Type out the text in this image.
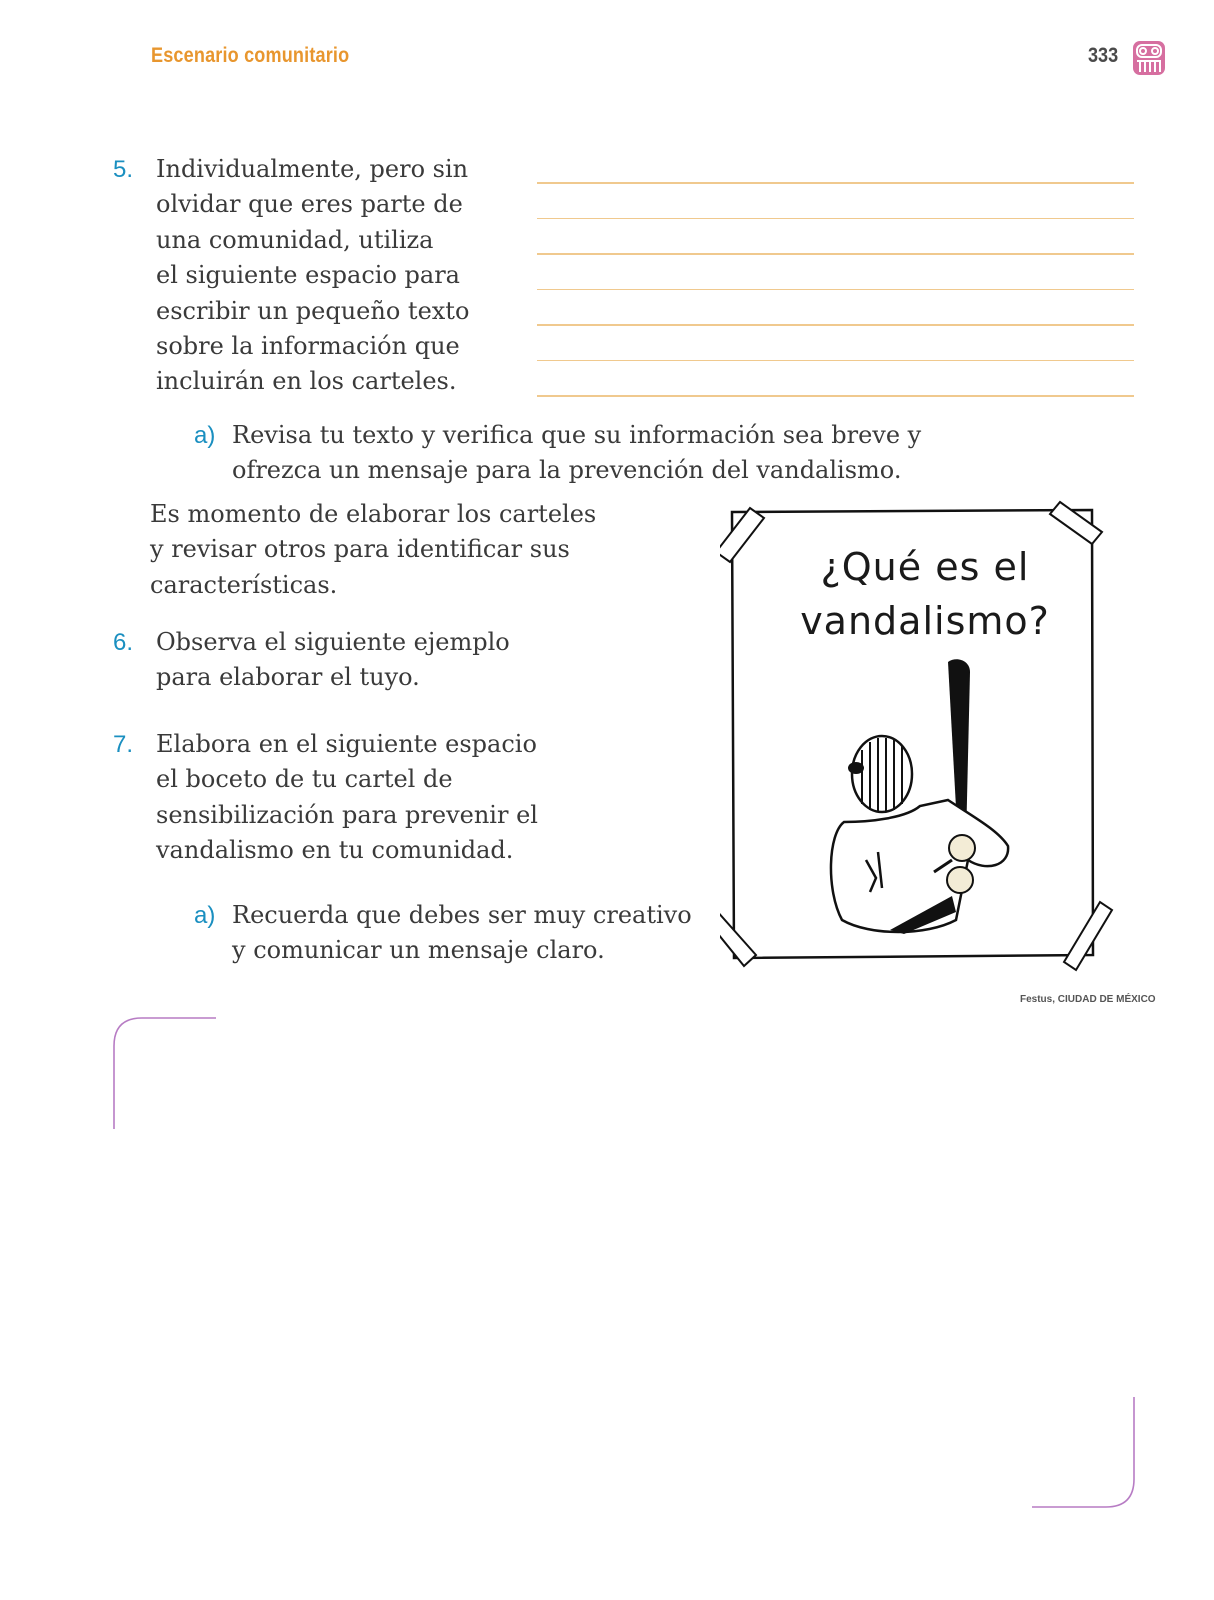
Escenario comunitario	333
5. Individualmente, pero sin
olvidar que eres parte de
una comunidad, utiliza
el siguiente espacio para
escribir un pequeño texto
sobre la información que
incluirán en los carteles.
a) Revisa tu texto y verifica que su información sea breve y
ofrezca un mensaje para la prevención del vandalismo.
Es momento de elaborar los carteles
y revisar otros para identificar sus
características.
6. Observa el siguiente ejemplo
para elaborar el tuyo.
7. Elabora en el siguiente espacio
el boceto de tu cartel de
sensibilización para prevenir el
vandalismo en tu comunidad.
a) Recuerda que debes ser muy creativo
y comunicar un mensaje claro.
¿Qué es el
vandalismo?
Festus, CIUDAD DE MÉXICO
